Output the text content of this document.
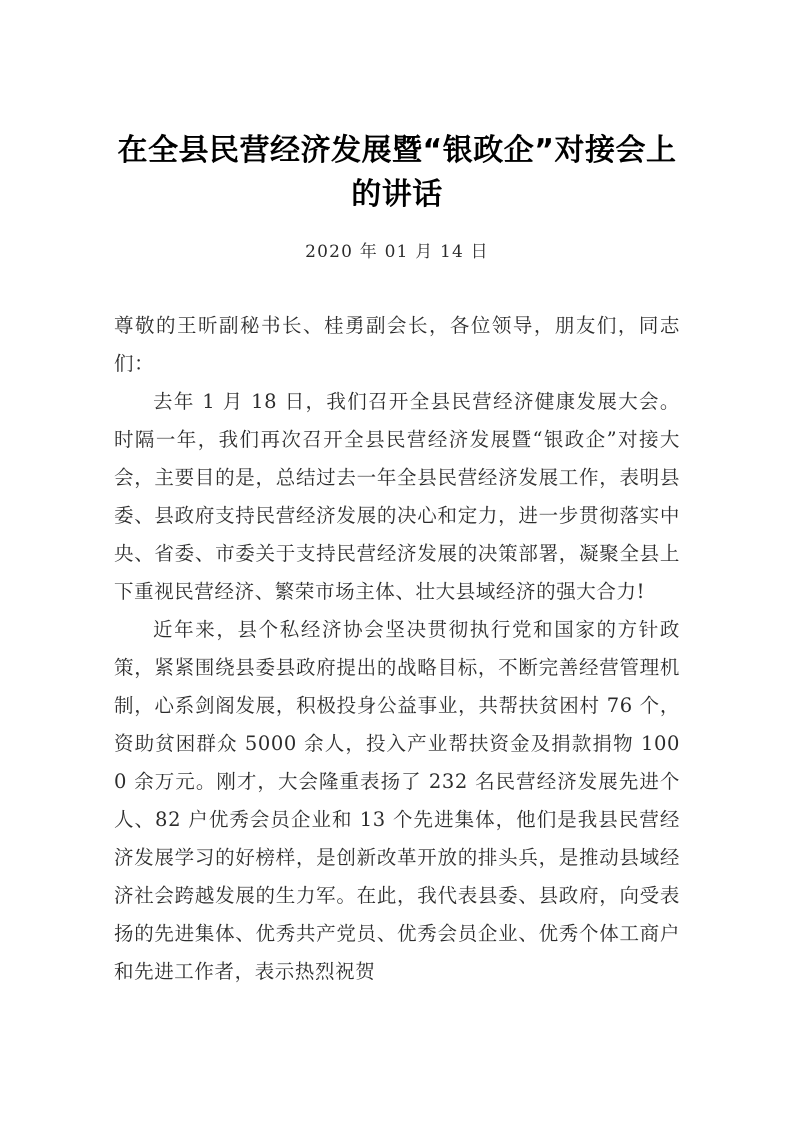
在全县民营经济发展暨“银政企”对接会上的讲话
2020 年 01 月 14 日

尊敬的王昕副秘书长、桂勇副会长，各位领导，朋友们，同志们：

去年 1 月 18 日，我们召开全县民营经济健康发展大会。时隔一年，我们再次召开全县民营经济发展暨“银政企”对接大会，主要目的是，总结过去一年全县民营经济发展工作，表明县委、县政府支持民营经济发展的决心和定力，进一步贯彻落实中央、省委、市委关于支持民营经济发展的决策部署，凝聚全县上下重视民营经济、繁荣市场主体、壮大县域经济的强大合力!

近年来，县个私经济协会坚决贯彻执行党和国家的方针政策，紧紧围绕县委县政府提出的战略目标，不断完善经营管理机制，心系剑阁发展，积极投身公益事业，共帮扶贫困村 76 个，资助贫困群众 5000 余人，投入产业帮扶资金及捐款捐物 1000 余万元。刚才，大会隆重表扬了 232 名民营经济发展先进个人、82 户优秀会员企业和 13 个先进集体，他们是我县民营经济发展学习的好榜样，是创新改革开放的排头兵，是推动县域经济社会跨越发展的生力军。在此，我代表县委、县政府，向受表扬的先进集体、优秀共产党员、优秀会员企业、优秀个体工商户和先进工作者，表示热烈祝贺
